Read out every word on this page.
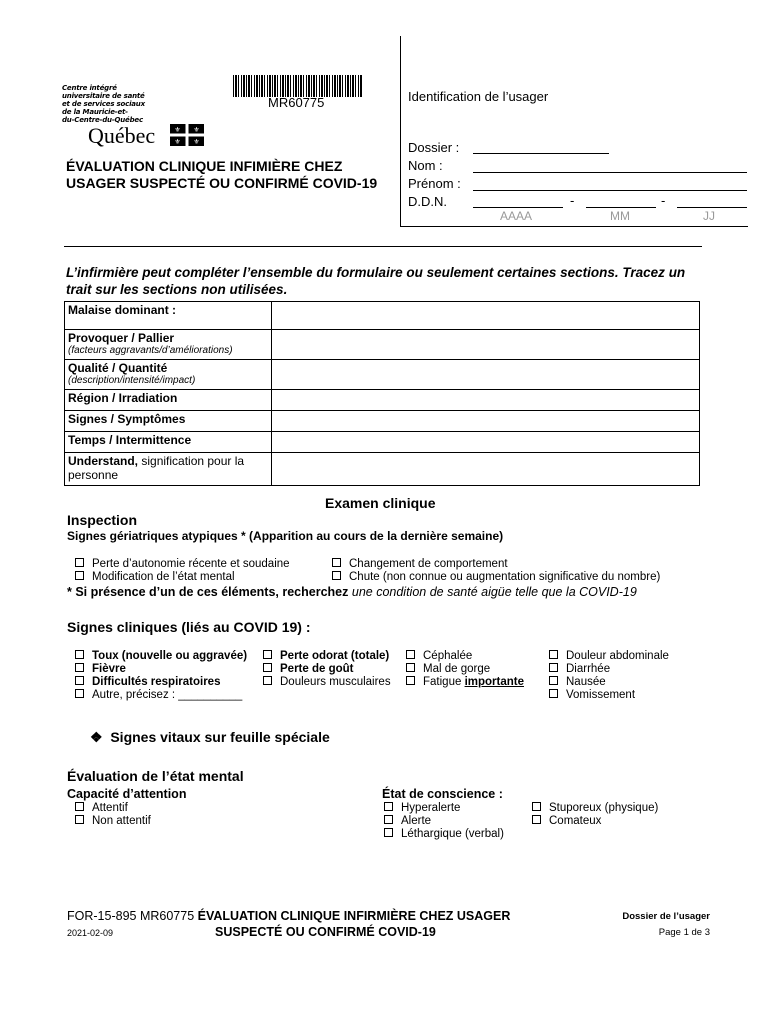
Centre intégré
universitaire de santé
et de services sociaux
de la Mauricie-et-
du-Centre-du-Québec
Québec	⚜ ⚜
⚜ ⚜
MR60775
ÉVALUATION CLINIQUE INFIMIÈRE CHEZ
USAGER SUSPECTÉ OU CONFIRMÉ COVID-19
Identification de l’usager
Dossier :
Nom :
Prénom :
D.D.N.	-	-
AAAA	MM	JJ
L’infirmière peut compléter l’ensemble du formulaire ou seulement certaines sections. Tracez un trait sur les sections non utilisées.
Malaise dominant :	

Provoquer / Pallier
(facteurs aggravants/d’améliorations)	

Qualité / Quantité
(description/intensité/impact)	

Région / Irradiation	
Signes / Symptômes	
Temps / Intermittence	
Understand, signification pour la personne	
Examen clinique
Inspection
Signes gériatriques atypiques * (Apparition au cours de la dernière semaine)
Perte d’autonomie récente et soudaine
Modification de l’état mental
Changement de comportement
Chute (non connue ou augmentation significative du nombre)
* Si présence d’un de ces éléments, recherchez une condition de santé aigüe telle que la COVID-19
Signes cliniques (liés au COVID 19) :
Toux (nouvelle ou aggravée)
Fièvre
Difficultés respiratoires
Autre, précisez : __________
Perte odorat (totale)
Perte de goût
Douleurs musculaires
Céphalée
Mal de gorge
Fatigue importante
Douleur abdominale
Diarrhée
Nausée
Vomissement
❖ Signes vitaux sur feuille spéciale
Évaluation de l’état mental
Capacité d’attention
Attentif
Non attentif
État de conscience :
Hyperalerte
Alerte
Léthargique (verbal)
Stuporeux (physique)
Comateux
FOR-15-895 MR60775 ÉVALUATION CLINIQUE INFIRMIÈRE CHEZ USAGER
2021-02-09	SUSPECTÉ OU CONFIRMÉ COVID-19
Dossier de l’usager
Page 1 de 3
